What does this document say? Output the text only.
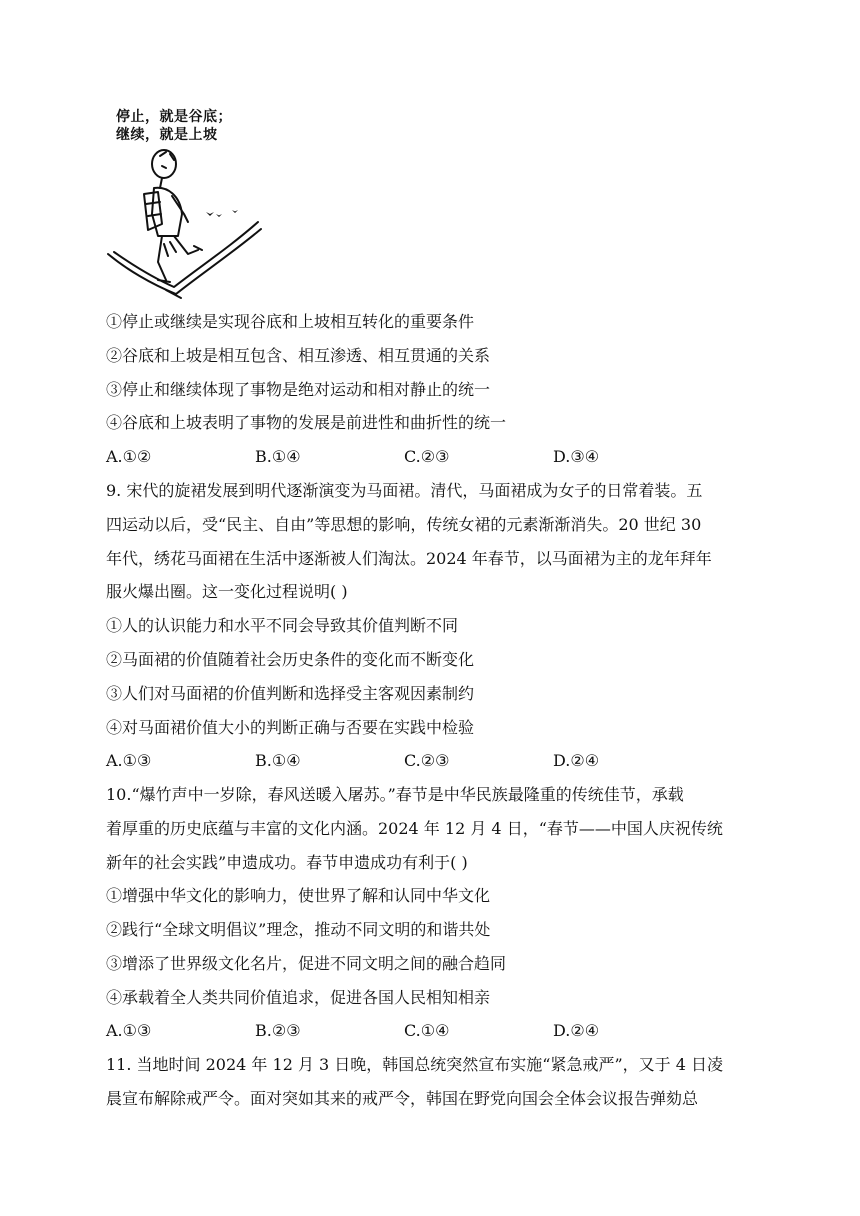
停止，就是谷底；
继续，就是上坡
①停止或继续是实现谷底和上坡相互转化的重要条件
②谷底和上坡是相互包含、相互渗透、相互贯通的关系
③停止和继续体现了事物是绝对运动和相对静止的统一
④谷底和上坡表明了事物的发展是前进性和曲折性的统一
A.①②	B.①④	C.②③	D.③④
9. 宋代的旋裙发展到明代逐渐演变为马面裙。清代，马面裙成为女子的日常着装。五
四运动以后，受“民主、自由”等思想的影响，传统女裙的元素渐渐消失。20 世纪 30
年代，绣花马面裙在生活中逐渐被人们淘汰。2024 年春节，以马面裙为主的龙年拜年
服火爆出圈。这一变化过程说明( )
①人的认识能力和水平不同会导致其价值判断不同
②马面裙的价值随着社会历史条件的变化而不断变化
③人们对马面裙的价值判断和选择受主客观因素制约
④对马面裙价值大小的判断正确与否要在实践中检验
A.①③	B.①④	C.②③	D.②④
10.“爆竹声中一岁除，春风送暖入屠苏。”春节是中华民族最隆重的传统佳节，承载
着厚重的历史底蕴与丰富的文化内涵。2024 年 12 月 4 日，“春节——中国人庆祝传统
新年的社会实践”申遗成功。春节申遗成功有利于( )
①增强中华文化的影响力，使世界了解和认同中华文化
②践行“全球文明倡议”理念，推动不同文明的和谐共处
③增添了世界级文化名片，促进不同文明之间的融合趋同
④承载着全人类共同价值追求，促进各国人民相知相亲
A.①③	B.②③	C.①④	D.②④
11. 当地时间 2024 年 12 月 3 日晚，韩国总统突然宣布实施“紧急戒严”，又于 4 日凌
晨宣布解除戒严令。面对突如其来的戒严令，韩国在野党向国会全体会议报告弹劾总
